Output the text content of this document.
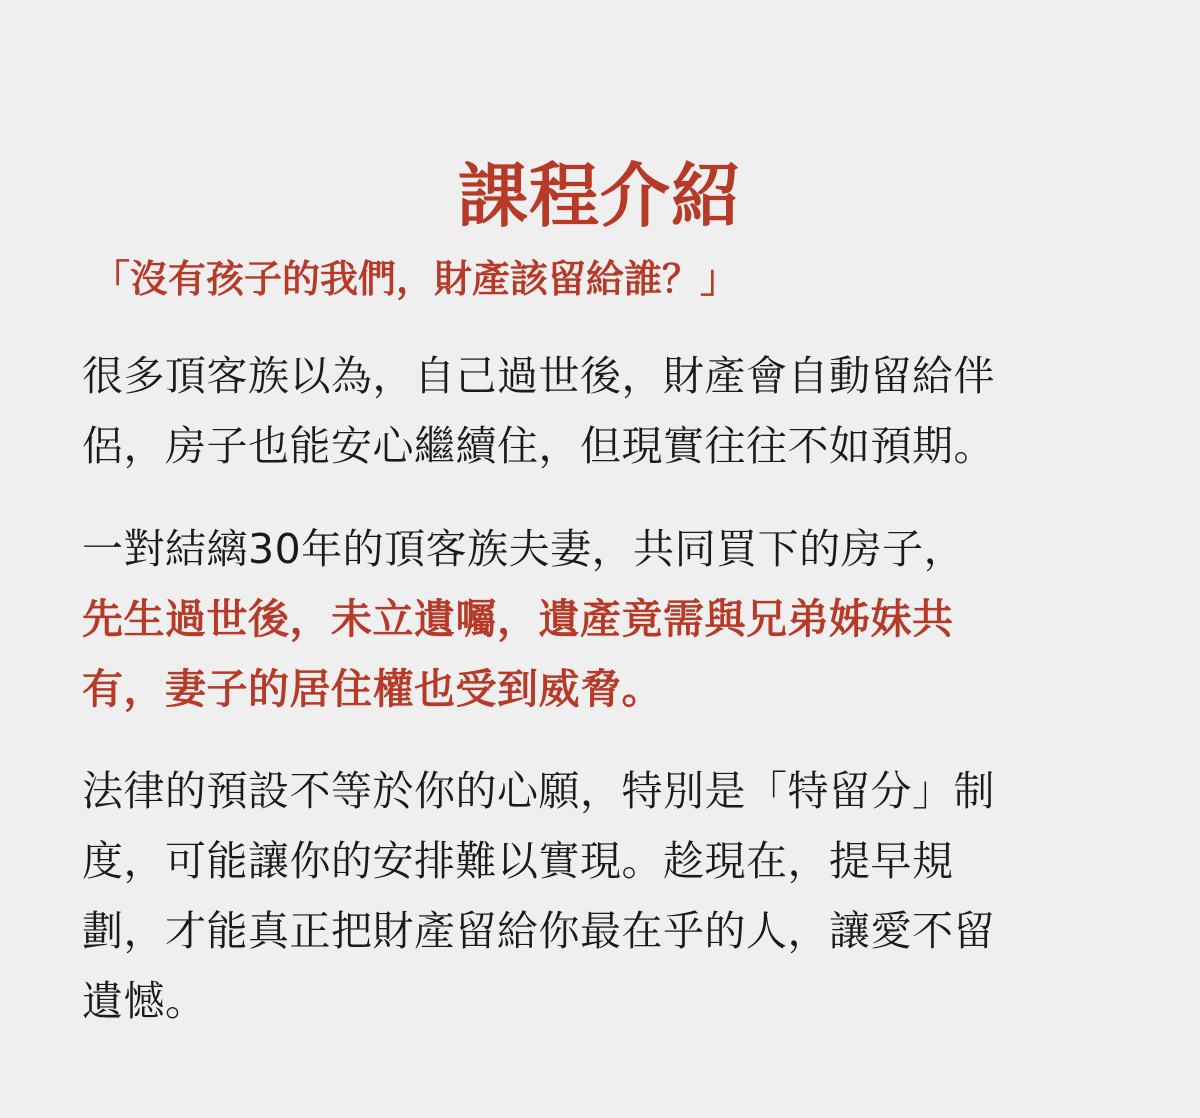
課程介紹
「沒有孩子的我們，財產該留給誰？」

很多頂客族以為，自己過世後，財產會自動留給伴
侶，房子也能安心繼續住，但現實往往不如預期。

一對結縭30年的頂客族夫妻，共同買下的房子，
先生過世後，未立遺囑，遺產竟需與兄弟姊妹共
有，妻子的居住權也受到威脅。

法律的預設不等於你的心願，特別是「特留分」制
度，可能讓你的安排難以實現。趁現在，提早規
劃，才能真正把財產留給你最在乎的人，讓愛不留
遺憾。
